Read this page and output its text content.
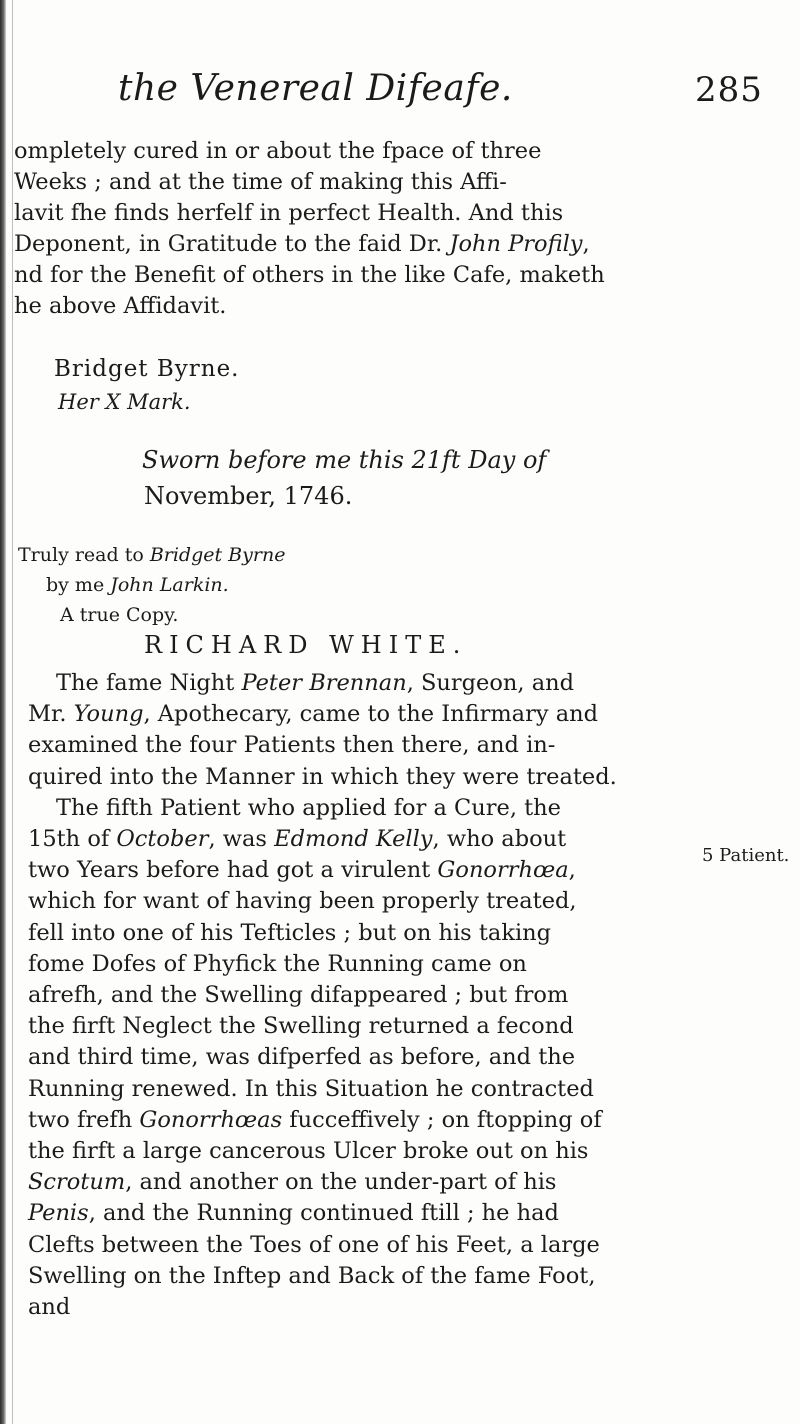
the Venereal Difeafe.	285
ompletely cured in or about the fpace of three
Weeks ; and at the time of making this Affi-
lavit fhe finds herfelf in perfect Health. And this
Deponent, in Gratitude to the faid Dr. John Profily,
nd for the Benefit of others in the like Cafe, maketh
he above Affidavit.
Bridget Byrne.
Her X Mark.
Sworn before me this 21ft Day of
November, 1746.
Truly read to Bridget Byrne
by me John Larkin.
A true Copy.
RICHARD WHITE.
The fame Night Peter Brennan, Surgeon, and
Mr. Young, Apothecary, came to the Infirmary and
examined the four Patients then there, and in-
quired into the Manner in which they were treated.
The fifth Patient who applied for a Cure, the
15th of October, was Edmond Kelly, who about
two Years before had got a virulent Gonorrhœa,
which for want of having been properly treated,
fell into one of his Tefticles ; but on his taking
fome Dofes of Phyfick the Running came on
afrefh, and the Swelling difappeared ; but from
the firft Neglect the Swelling returned a fecond
and third time, was difperfed as before, and the
Running renewed. In this Situation he contracted
two frefh Gonorrhœas fucceffively ; on ftopping of
the firft a large cancerous Ulcer broke out on his
Scrotum, and another on the under-part of his
Penis, and the Running continued ftill ; he had
Clefts between the Toes of one of his Feet, a large
Swelling on the Inftep and Back of the fame Foot,
and
5 Patient.
